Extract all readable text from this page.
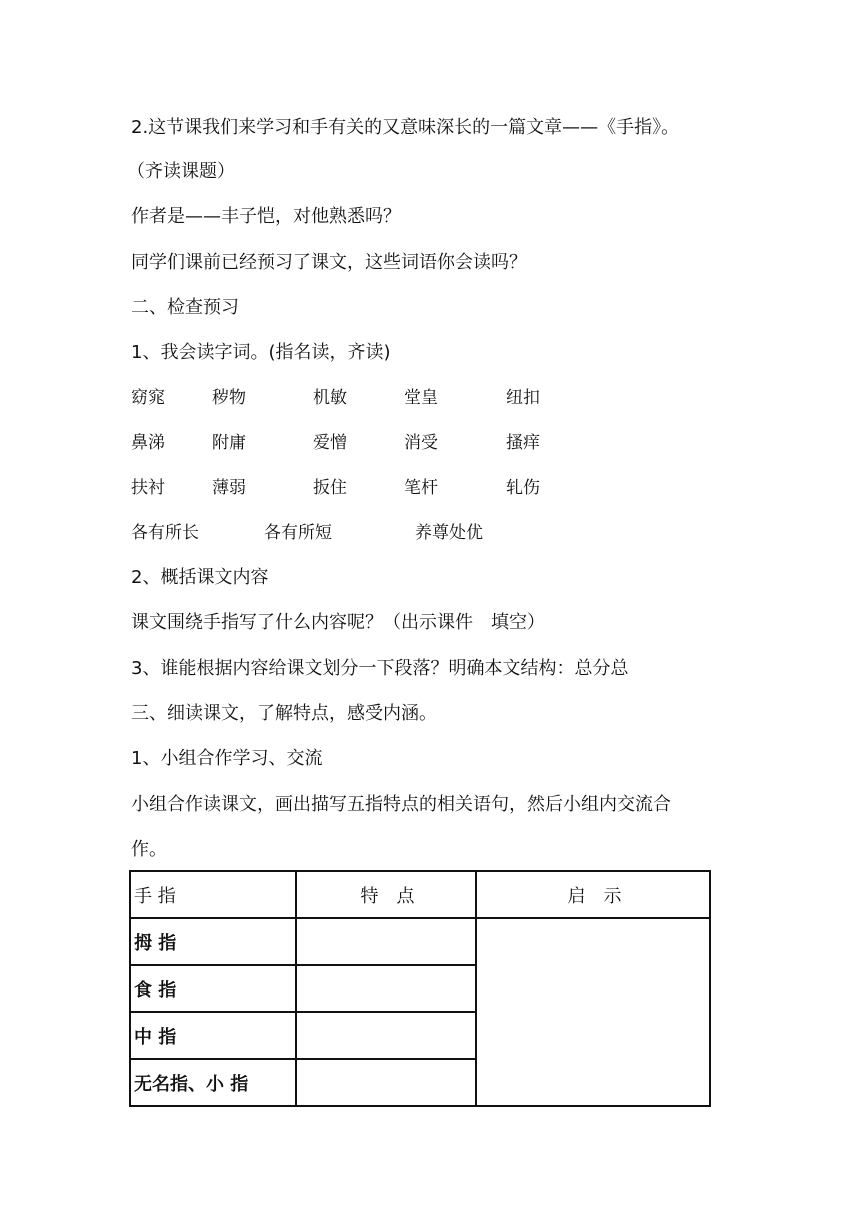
2.这节课我们来学习和手有关的又意味深长的一篇文章——《手指》。
（齐读课题）
作者是——丰子恺，对他熟悉吗？
同学们课前已经预习了课文，这些词语你会读吗？
二、检查预习
1、我会读字词。(指名读，齐读)
窈窕	秽物	机敏	堂皇	纽扣
鼻涕	附庸	爱憎	消受	搔痒
扶衬	薄弱	扳住	笔杆	轧伤
各有所长	各有所短	养尊处优
2、概括课文内容
课文围绕手指写了什么内容呢？（出示课件　填空）
3、谁能根据内容给课文划分一下段落？明确本文结构：总分总
三、细读课文，了解特点，感受内涵。
1、小组合作学习、交流
小组合作读课文，画出描写五指特点的相关语句，然后小组内交流合
作。
手 指	特　点	启　示
拇 指		
食 指		
中 指		
无名指、小 指		
